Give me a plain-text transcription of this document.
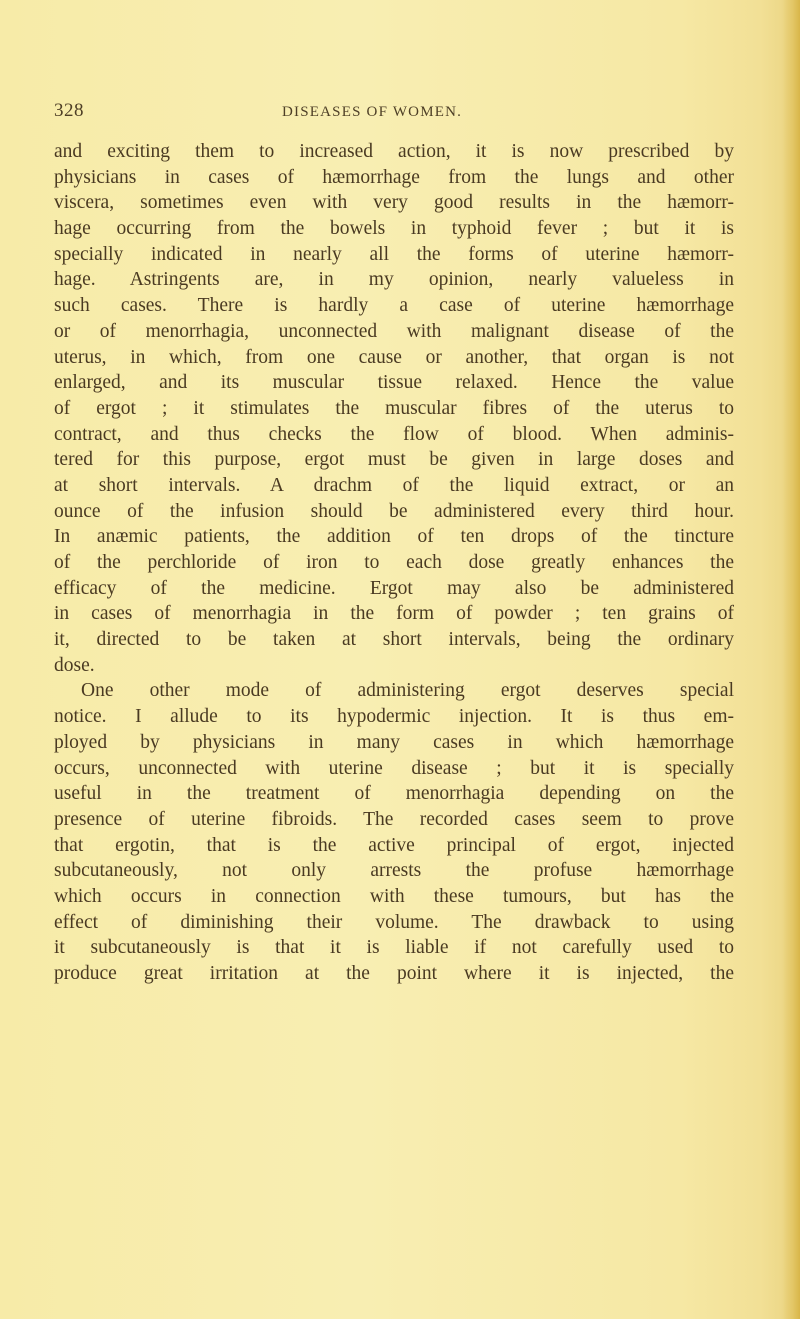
328	DISEASES OF WOMEN.
and exciting them to increased action, it is now prescribed by
physicians in cases of hæmorrhage from the lungs and other
viscera, sometimes even with very good results in the hæmorr-
hage occurring from the bowels in typhoid fever ; but it is
specially indicated in nearly all the forms of uterine hæmorr-
hage. Astringents are, in my opinion, nearly valueless in
such cases. There is hardly a case of uterine hæmorrhage
or of menorrhagia, unconnected with malignant disease of the
uterus, in which, from one cause or another, that organ is not
enlarged, and its muscular tissue relaxed. Hence the value
of ergot ; it stimulates the muscular fibres of the uterus to
contract, and thus checks the flow of blood. When adminis-
tered for this purpose, ergot must be given in large doses and
at short intervals. A drachm of the liquid extract, or an
ounce of the infusion should be administered every third hour.
In anæmic patients, the addition of ten drops of the tincture
of the perchloride of iron to each dose greatly enhances the
efficacy of the medicine. Ergot may also be administered
in cases of menorrhagia in the form of powder ; ten grains of
it, directed to be taken at short intervals, being the ordinary
dose.
One other mode of administering ergot deserves special
notice. I allude to its hypodermic injection. It is thus em-
ployed by physicians in many cases in which hæmorrhage
occurs, unconnected with uterine disease ; but it is specially
useful in the treatment of menorrhagia depending on the
presence of uterine fibroids. The recorded cases seem to prove
that ergotin, that is the active principal of ergot, injected
subcutaneously, not only arrests the profuse hæmorrhage
which occurs in connection with these tumours, but has the
effect of diminishing their volume. The drawback to using
it subcutaneously is that it is liable if not carefully used to
produce great irritation at the point where it is injected, the
